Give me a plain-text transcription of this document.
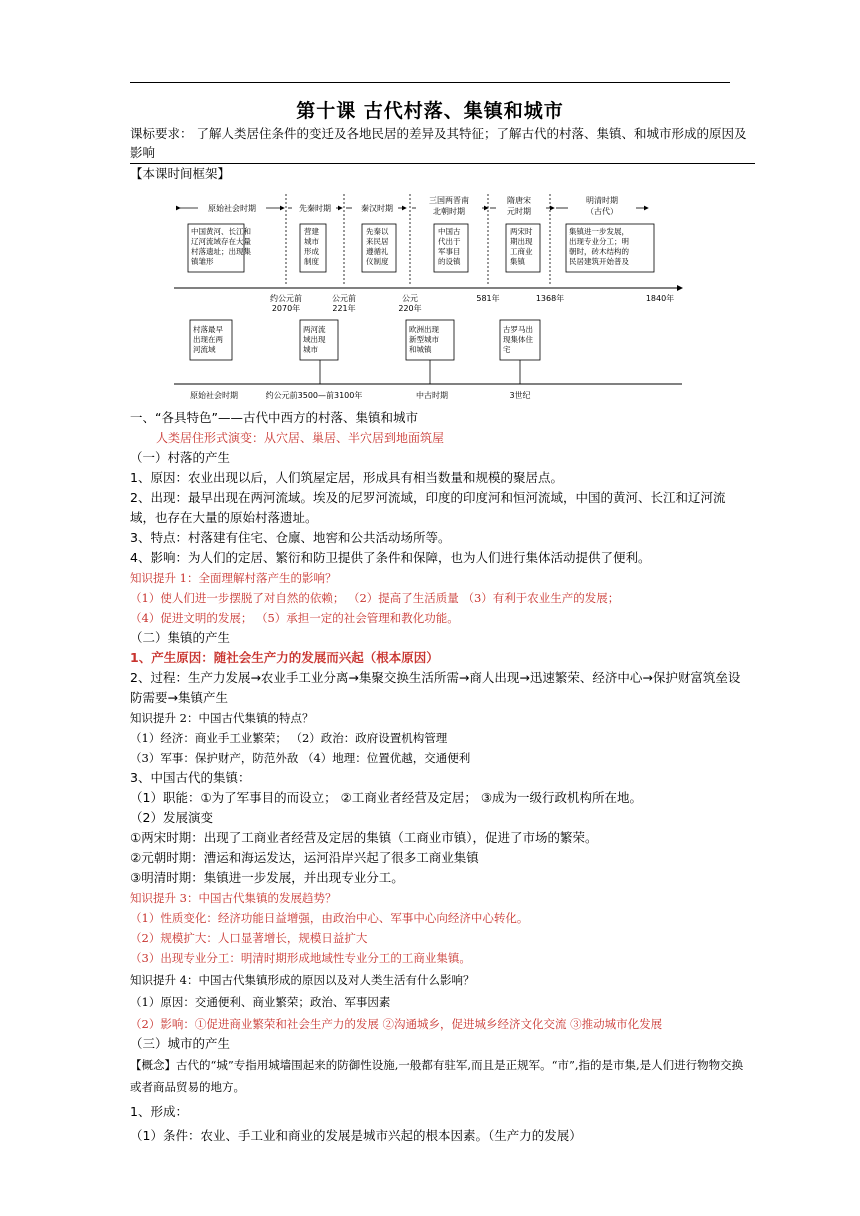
第十课 古代村落、集镇和城市
课标要求： 了解人类居住条件的变迁及各地民居的差异及其特征；了解古代的村落、集镇、和城市形成的原因及影响
【本课时间框架】
原始社会时期	先秦时期	秦汉时期
三国两晋南
北朝时期
隋唐宋
元时期
明清时期
（古代）
中国黄河、长江和
辽河流域存在大量
村落遗址；出现集
镇雏形
营建
城市
形成
制度
先秦以
来民居
遵循礼
仪制度
中国古
代出于
军事目
的设镇
两宋时
期出现
工商业
集镇
集镇进一步发展，
出现专业分工；明
朝时，砖木结构的
民居建筑开始普及
约公元前
2070年
公元前
221年
公元
220年
581年	1368年	1840年
村落最早
出现在两
河流域
两河流
域出现
城市
欧洲出现
新型城市
和城镇
古罗马出
现集体住
宅
原始社会时期	约公元前3500—前3100年	中古时期	3世纪

一、“各具特色”——古代中西方的村落、集镇和城市

人类居住形式演变：从穴居、巢居、半穴居到地面筑屋

（一）村落的产生

1、原因：农业出现以后，人们筑屋定居，形成具有相当数量和规模的聚居点。

2、出现：最早出现在两河流域。埃及的尼罗河流域，印度的印度河和恒河流域，中国的黄河、长江和辽河流域，也存在大量的原始村落遗址。

3、特点：村落建有住宅、仓廪、地窖和公共活动场所等。

4、影响：为人们的定居、繁衍和防卫提供了条件和保障，也为人们进行集体活动提供了便利。

知识提升 1：全面理解村落产生的影响？

（1）使人们进一步摆脱了对自然的依赖； （2）提高了生活质量 （3）有利于农业生产的发展；

（4）促进文明的发展； （5）承担一定的社会管理和教化功能。

（二）集镇的产生

1、产生原因：随社会生产力的发展而兴起（根本原因）

2、过程：生产力发展→农业手工业分离→集聚交换生活所需→商人出现→迅速繁荣、经济中心→保护财富筑垒设防需要→集镇产生

知识提升 2：中国古代集镇的特点？

（1）经济：商业手工业繁荣； （2）政治：政府设置机构管理

（3）军事：保护财产，防范外敌 （4）地理：位置优越，交通便利

3、中国古代的集镇：

（1）职能：①为了军事目的而设立； ②工商业者经营及定居； ③成为一级行政机构所在地。

（2）发展演变

①两宋时期：出现了工商业者经营及定居的集镇（工商业市镇），促进了市场的繁荣。

②元朝时期：漕运和海运发达，运河沿岸兴起了很多工商业集镇

③明清时期：集镇进一步发展，并出现专业分工。

知识提升 3：中国古代集镇的发展趋势？

（1）性质变化：经济功能日益增强，由政治中心、军事中心向经济中心转化。

（2）规模扩大：人口显著增长，规模日益扩大

（3）出现专业分工：明清时期形成地域性专业分工的工商业集镇。

知识提升 4：中国古代集镇形成的原因以及对人类生活有什么影响？

（1）原因：交通便利、商业繁荣；政治、军事因素

（2）影响：①促进商业繁荣和社会生产力的发展 ②沟通城乡，促进城乡经济文化交流 ③推动城市化发展

（三）城市的产生

【概念】古代的“城”专指用城墙围起来的防御性设施,一般都有驻军,而且是正规军。“市”,指的是市集,是人们进行物物交换或者商品贸易的地方。

1、形成：

（1）条件：农业、手工业和商业的发展是城市兴起的根本因素。（生产力的发展）
